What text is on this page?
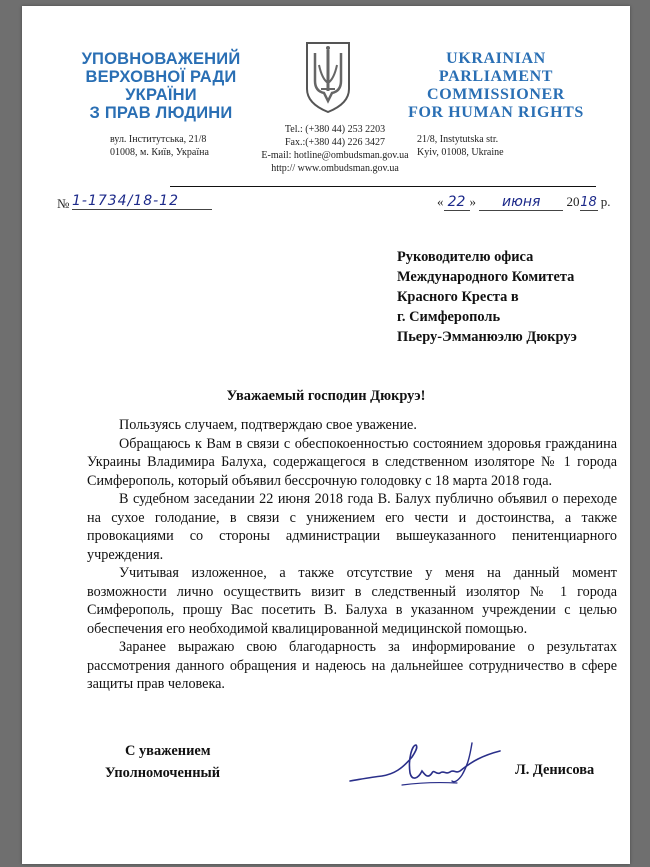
УПОВНОВАЖЕНИЙ
ВЕРХОВНОЇ РАДИ УКРАЇНИ
З ПРАВ ЛЮДИНИ
UKRAINIAN
PARLIAMENT COMMISSIONER
FOR HUMAN RIGHTS
вул. Інститутська, 21/8
01008, м. Київ, Україна
Tel.: (+380 44) 253 2203
Fax.:(+380 44) 226 3427
E-mail: hotline@ombudsman.gov.ua
http:// www.ombudsman.gov.ua
21/8, Instytutska str.
Kyiv, 01008, Ukraine
№ 1-1734/18-12	« 22 » июня 2018 р.
Руководителю офиса
Международного Комитета
Красного Креста в
г. Симферополь
Пьеру-Эмманюэлю Дюкруэ
Уважаемый господин Дюкруэ!

Пользуясь случаем, подтверждаю свое уважение.

Обращаюсь к Вам в связи с обеспокоенностью состоянием здоровья гражданина Украины Владимира Балуха, содержащегося в следственном изоляторе № 1 города Симферополь, который объявил бессрочную голодовку с 18 марта 2018 года.

В судебном заседании 22 июня 2018 года В. Балух публично объявил о переходе на сухое голодание, в связи с унижением его чести и достоинства, а также провокациями со стороны администрации вышеуказанного пенитенциарного учреждения.

Учитывая изложенное, а также отсутствие у меня на данный момент возможности лично осуществить визит в следственный изолятор № 1 города Симферополь, прошу Вас посетить В. Балуха в указанном учреждении с целью обеспечения его необходимой квалицированной медицинской помощью.

Заранее выражаю свою благодарность за информирование о результатах рассмотрения данного обращения и надеюсь на дальнейшее сотрудничество в сфере защиты прав человека.

С уважением
Уполномоченный	Л. Денисова
